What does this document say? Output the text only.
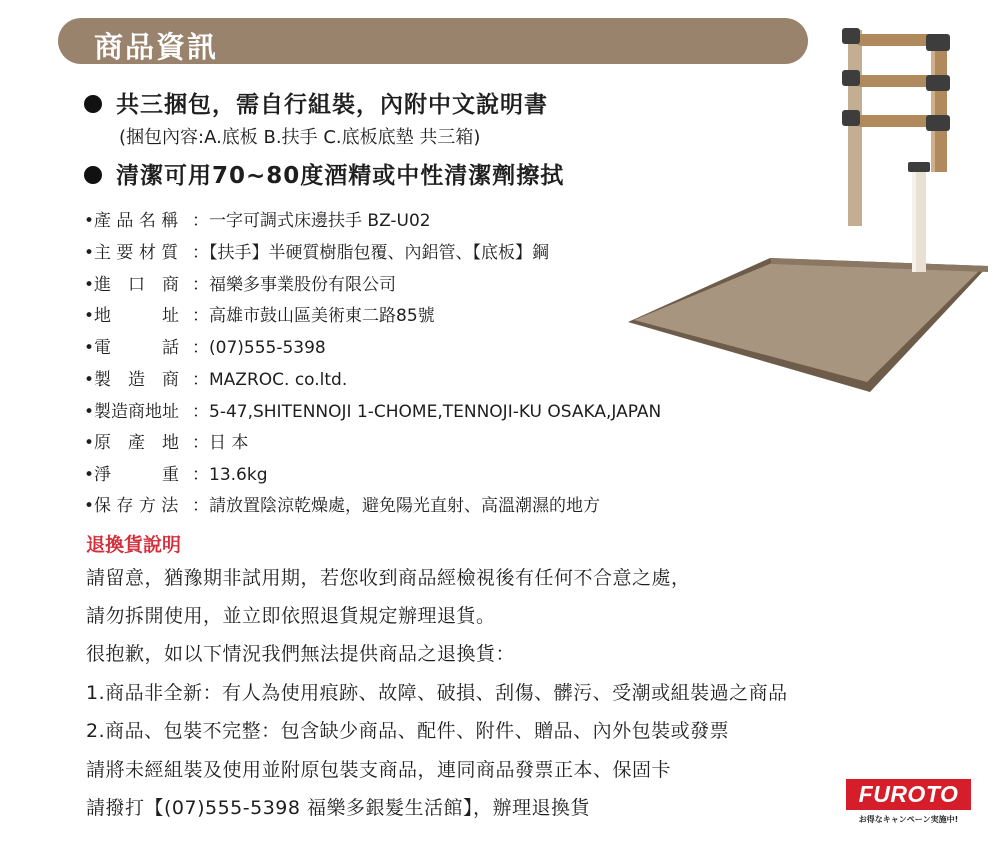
商品資訊
共三捆包，需自行組裝，內附中文說明書
(捆包內容:A.底板 B.扶手 C.底板底墊 共三箱)
清潔可用70~80度酒精或中性清潔劑擦拭
•產 品 名 稱 ：一字可調式床邊扶手 BZ-U02
•主 要 材 質 ：【扶手】半硬質樹脂包覆、內鋁管、【底板】鋼
•進　口　商 ：福樂多事業股份有限公司
•地　　　址 ：高雄市鼓山區美術東二路85號
•電　　　話 ：(07)555-5398
•製　造　商 ：MAZROC. co.ltd.
•製造商地址 ：5-47,SHITENNOJI 1-CHOME,TENNOJI-KU OSAKA,JAPAN
•原　產　地 ：日 本
•淨　　　重 ：13.6kg
•保 存 方 法 ：請放置陰涼乾燥處，避免陽光直射、高溫潮濕的地方
退換貨說明
請留意，猶豫期非試用期，若您收到商品經檢視後有任何不合意之處，
請勿拆開使用，並立即依照退貨規定辦理退貨。
很抱歉，如以下情況我們無法提供商品之退換貨：
1.商品非全新：有人為使用痕跡、故障、破損、刮傷、髒污、受潮或組裝過之商品
2.商品、包裝不完整：包含缺少商品、配件、附件、贈品、內外包裝或發票
請將未經組裝及使用並附原包裝支商品，連同商品發票正本、保固卡
請撥打【(07)555-5398 福樂多銀髮生活館】，辦理退換貨
FUROTO
お得なキャンペーン実施中!
